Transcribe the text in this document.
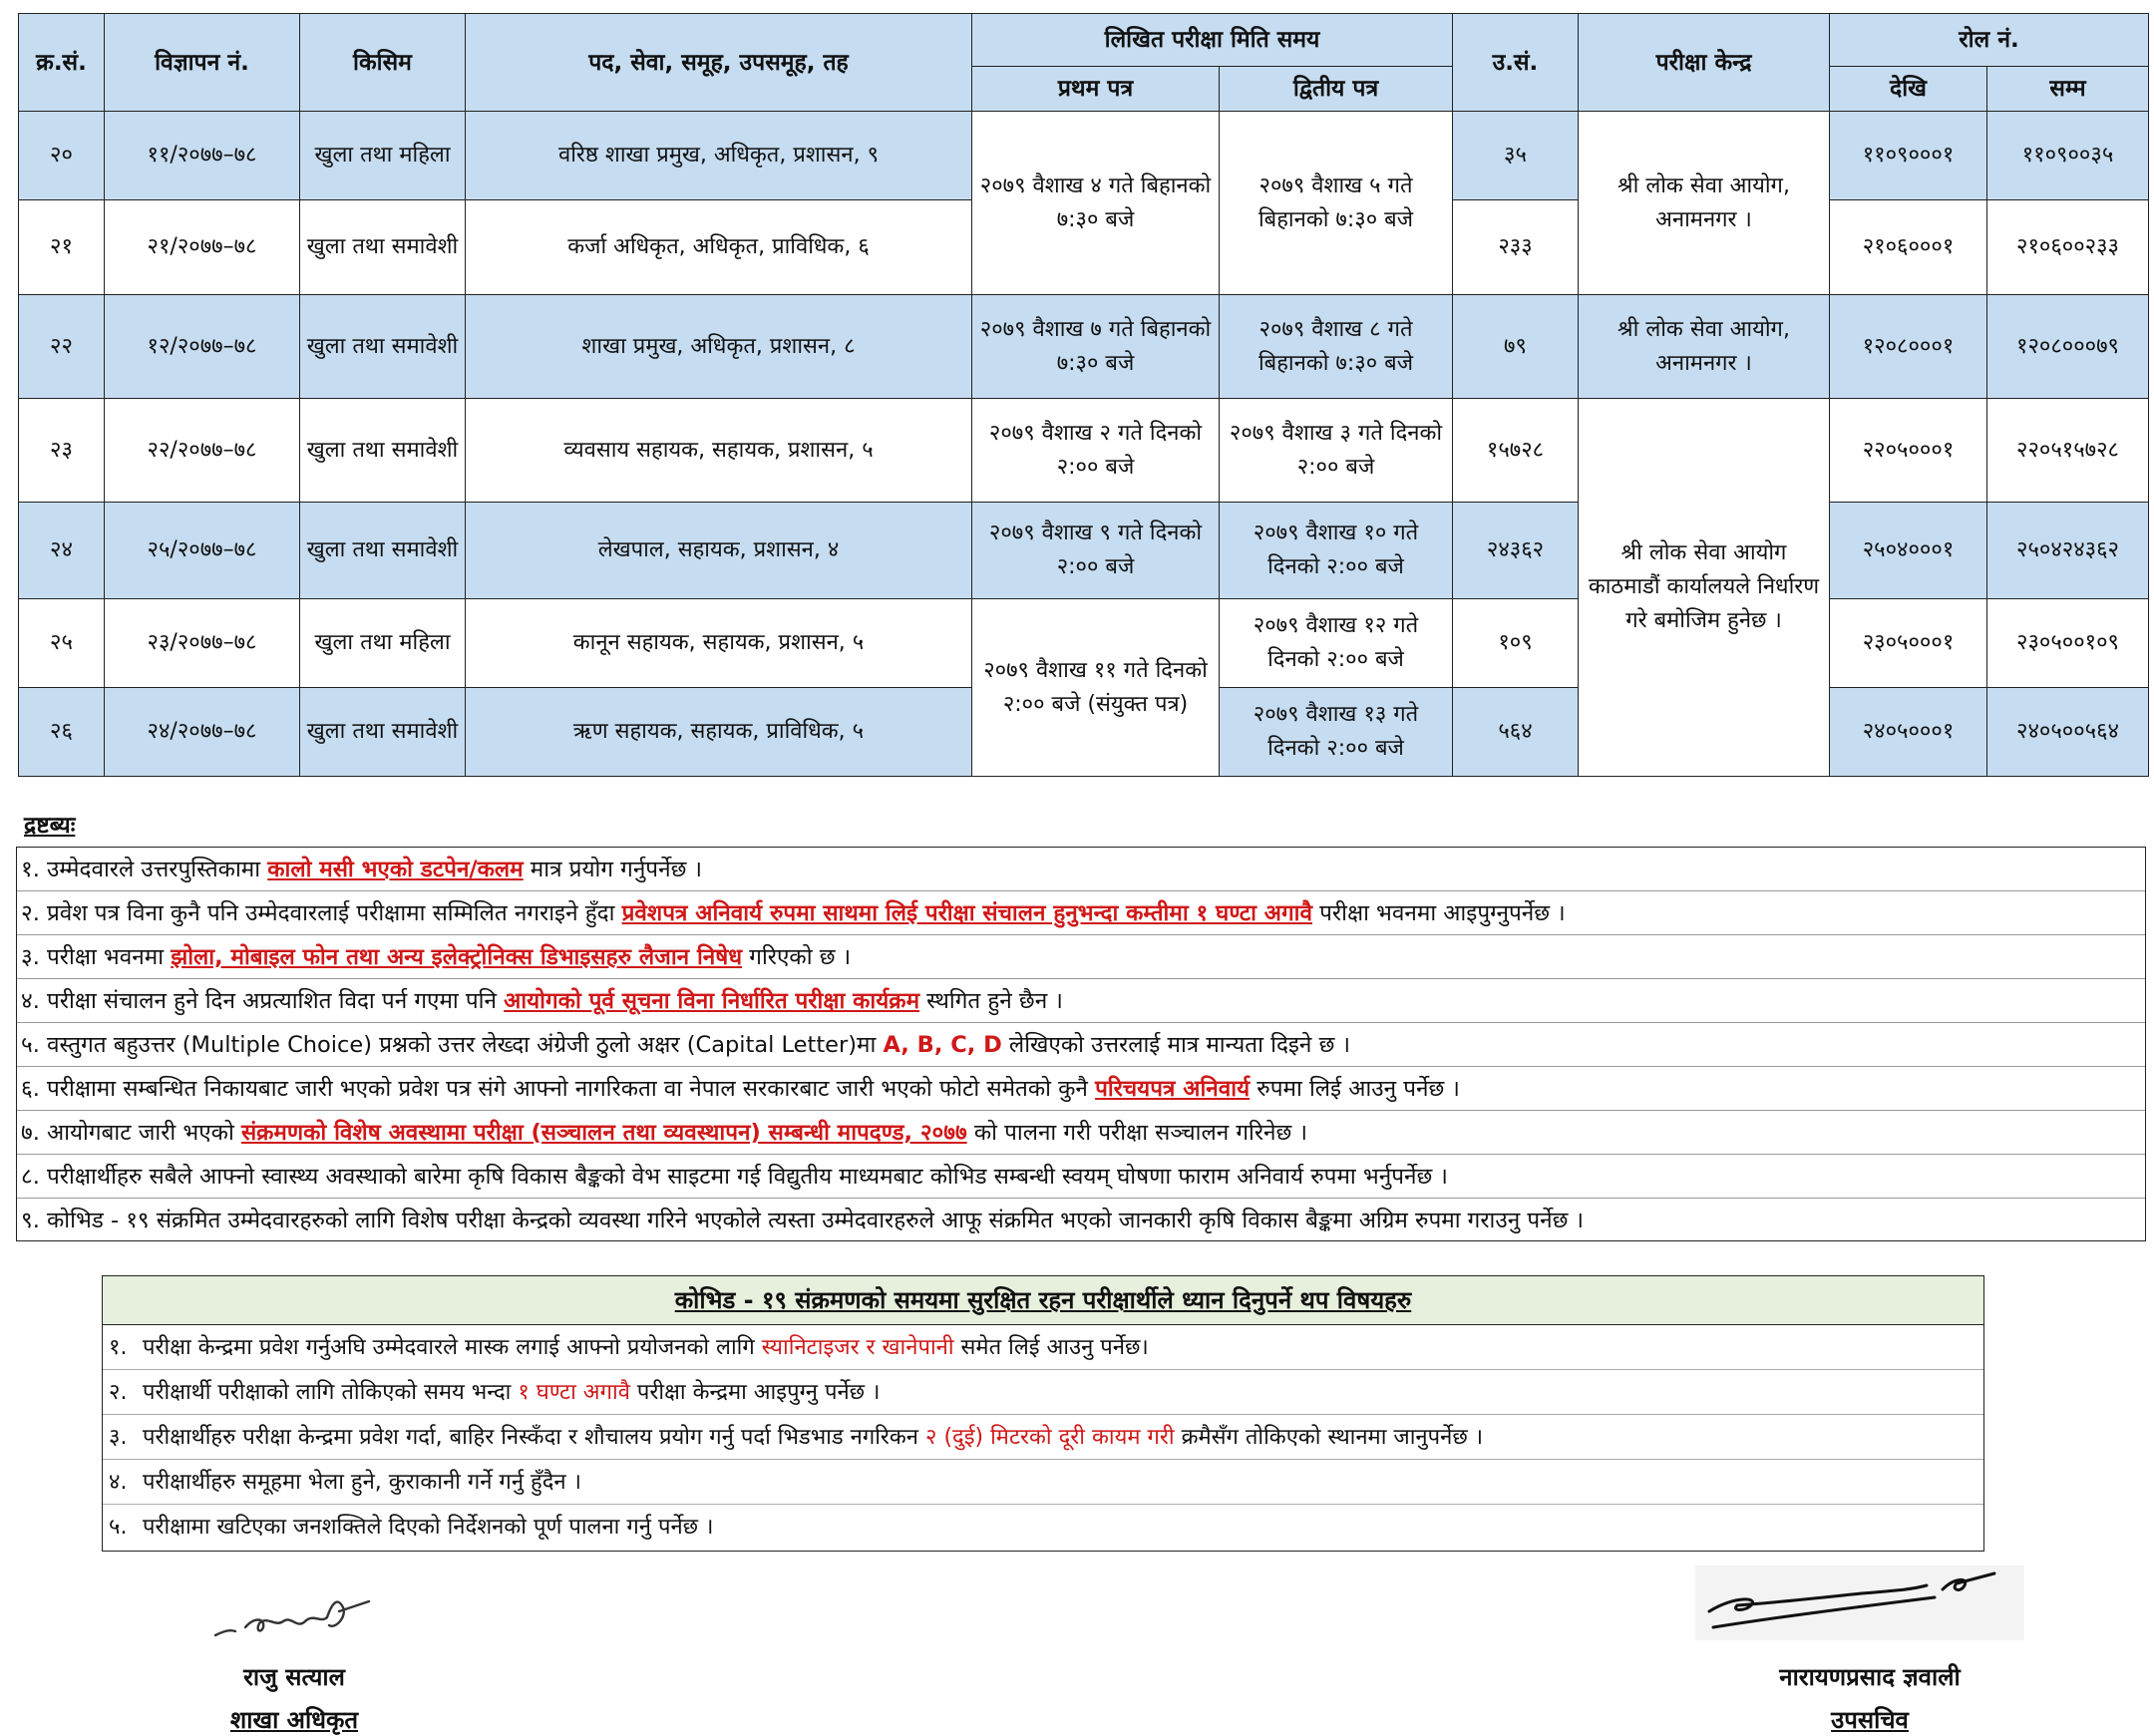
क्र.सं.	विज्ञापन नं.	किसिम	पद, सेवा, समूह, उपसमूह, तह	लिखित परीक्षा मिति समय		उ.सं.	परीक्षा केन्द्र	रोल नं.	
				प्रथम पत्र	द्वितीय पत्र			देखि	सम्म
२०	११/२०७७–७८	खुला तथा महिला	वरिष्ठ शाखा प्रमुख, अधिकृत, प्रशासन, ९	२०७९ वैशाख ४ गते बिहानको ७:३० बजे	२०७९ वैशाख ५ गते बिहानको ७:३० बजे	३५	श्री लोक सेवा आयोग, अनामनगर ।	११०९०००१	११०९००३५
२१	२१/२०७७–७८	खुला तथा समावेशी	कर्जा अधिकृत, अधिकृत, प्राविधिक, ६			२३३		२१०६०००१	२१०६००२३३
२२	१२/२०७७–७८	खुला तथा समावेशी	शाखा प्रमुख, अधिकृत, प्रशासन, ८	२०७९ वैशाख ७ गते बिहानको ७:३० बजे	२०७९ वैशाख ८ गते बिहानको ७:३० बजे	७९	श्री लोक सेवा आयोग, अनामनगर ।	१२०८०००१	१२०८०००७९
२३	२२/२०७७–७८	खुला तथा समावेशी	व्यवसाय सहायक, सहायक, प्रशासन, ५	२०७९ वैशाख २ गते दिनको २:०० बजे	२०७९ वैशाख ३ गते दिनको २:०० बजे	१५७२८	श्री लोक सेवा आयोग काठमाडौं कार्यालयले निर्धारण गरे बमोजिम हुनेछ ।	२२०५०००१	२२०५१५७२८
२४	२५/२०७७–७८	खुला तथा समावेशी	लेखपाल, सहायक, प्रशासन, ४	२०७९ वैशाख ९ गते दिनको २:०० बजे	२०७९ वैशाख १० गते दिनको २:०० बजे	२४३६२		२५०४०००१	२५०४२४३६२
२५	२३/२०७७–७८	खुला तथा महिला	कानून सहायक, सहायक, प्रशासन, ५	२०७९ वैशाख ११ गते दिनको २:०० बजे (संयुक्त पत्र)	२०७९ वैशाख १२ गते दिनको २:०० बजे	१०९		२३०५०००१	२३०५००१०९
२६	२४/२०७७–७८	खुला तथा समावेशी	ऋण सहायक, सहायक, प्राविधिक, ५		२०७९ वैशाख १३ गते दिनको २:०० बजे	५६४		२४०५०००१	२४०५००५६४
द्रष्टब्यः
१. उम्मेदवारले उत्तरपुस्तिकामा कालो मसी भएको डटपेन/कलम मात्र प्रयोग गर्नुपर्नेछ ।
२. प्रवेश पत्र विना कुनै पनि उम्मेदवारलाई परीक्षामा सम्मिलित नगराइने हुँदा प्रवेशपत्र अनिवार्य रुपमा साथमा लिई परीक्षा संचालन हुनुभन्दा कम्तीमा १ घण्टा अगावै परीक्षा भवनमा आइपुग्नुपर्नेछ ।
३. परीक्षा भवनमा झोला, मोबाइल फोन तथा अन्य इलेक्ट्रोनिक्स डिभाइसहरु लैजान निषेध गरिएको छ ।
४. परीक्षा संचालन हुने दिन अप्रत्याशित विदा पर्न गएमा पनि आयोगको पूर्व सूचना विना निर्धारित परीक्षा कार्यक्रम स्थगित हुने छैन ।
५. वस्तुगत बहुउत्तर (Multiple Choice) प्रश्नको उत्तर लेख्दा अंग्रेजी ठुलो अक्षर (Capital Letter)मा A, B, C, D लेखिएको उत्तरलाई मात्र मान्यता दिइने छ ।
६. परीक्षामा सम्बन्धित निकायबाट जारी भएको प्रवेश पत्र संगे आफ्नो नागरिकता वा नेपाल सरकारबाट जारी भएको फोटो समेतको कुनै परिचयपत्र अनिवार्य रुपमा लिई आउनु पर्नेछ ।
७. आयोगबाट जारी भएको संक्रमणको विशेष अवस्थामा परीक्षा (सञ्चालन तथा व्यवस्थापन) सम्बन्धी मापदण्ड, २०७७ को पालना गरी परीक्षा सञ्चालन गरिनेछ ।
८. परीक्षार्थीहरु सबैले आफ्नो स्वास्थ्य अवस्थाको बारेमा कृषि विकास बैङ्कको वेभ साइटमा गई विद्युतीय माध्यमबाट कोभिड सम्बन्धी स्वयम् घोषणा फाराम अनिवार्य रुपमा भर्नुपर्नेछ ।
९. कोभिड - १९ संक्रमित उम्मेदवारहरुको लागि विशेष परीक्षा केन्द्रको व्यवस्था गरिने भएकोले त्यस्ता उम्मेदवारहरुले आफू संक्रमित भएको जानकारी कृषि विकास बैङ्कमा अग्रिम रुपमा गराउनु पर्नेछ ।
कोभिड - १९ संक्रमणको समयमा सुरक्षित रहन परीक्षार्थीले ध्यान दिनुपर्ने थप विषयहरु
१. परीक्षा केन्द्रमा प्रवेश गर्नुअघि उम्मेदवारले मास्क लगाई आफ्नो प्रयोजनको लागि स्यानिटाइजर र खानेपानी समेत लिई आउनु पर्नेछ।
२. परीक्षार्थी परीक्षाको लागि तोकिएको समय भन्दा १ घण्टा अगावै परीक्षा केन्द्रमा आइपुग्नु पर्नेछ ।
३. परीक्षार्थीहरु परीक्षा केन्द्रमा प्रवेश गर्दा, बाहिर निस्कँदा र शौचालय प्रयोग गर्नु पर्दा भिडभाड नगरिकन २ (दुई) मिटरको दूरी कायम गरी क्रमैसँग तोकिएको स्थानमा जानुपर्नेछ ।
४. परीक्षार्थीहरु समूहमा भेला हुने, कुराकानी गर्ने गर्नु हुँदैन ।
५. परीक्षामा खटिएका जनशक्तिले दिएको निर्देशनको पूर्ण पालना गर्नु पर्नेछ ।
राजु सत्याल
शाखा अधिकृत
नारायणप्रसाद ज्ञवाली
उपसचिव
